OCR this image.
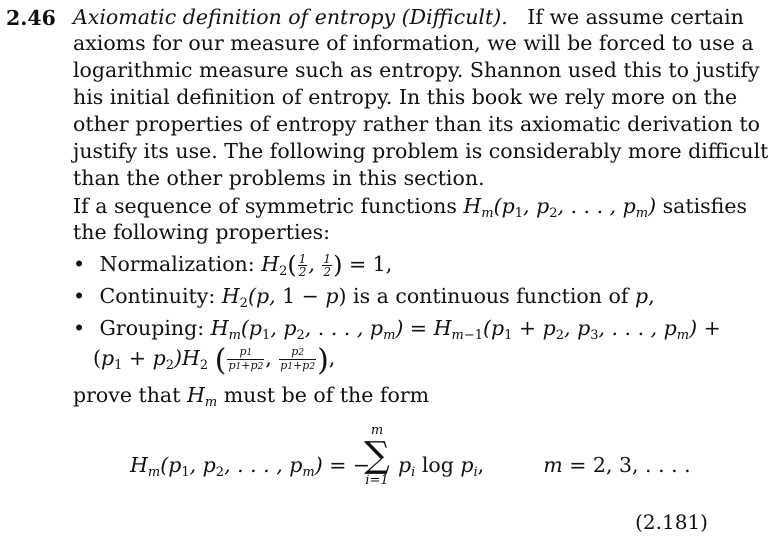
2.46 Axiomatic definition of entropy (Difficult). If we assume certain
axioms for our measure of information, we will be forced to use a
logarithmic measure such as entropy. Shannon used this to justify
his initial definition of entropy. In this book we rely more on the
other properties of entropy rather than its axiomatic derivation to
justify its use. The following problem is considerably more difficult
than the other problems in this section.
If a sequence of symmetric functions $H_m(p1$, p2, . . . , $p_m$) satisfies
the following properties:
• Normalization: $H2( \frac{1}{2}$ , $\frac{1}{2}$ ) = 1,
• Continuity: H2(p, 1 − p) is a continuous function of p,
• Grouping: $H_m(p1$, p2, . . . , $p_m) = H_m-1(p1 + p2$, p3, . . . , $p_m$) +
(p1 + p2)H2 ( $\frac{p1}{p1+p2}$ , $\frac{p2}{p1+p2}$ ),
prove that $H_m$ must be of the form
$H_m(p1$, p2, . . . , $p_m$) = −
m
∑
i=1
$p_i$ $\log p_i$,	m = 2, 3, . . . .
(2.181)
